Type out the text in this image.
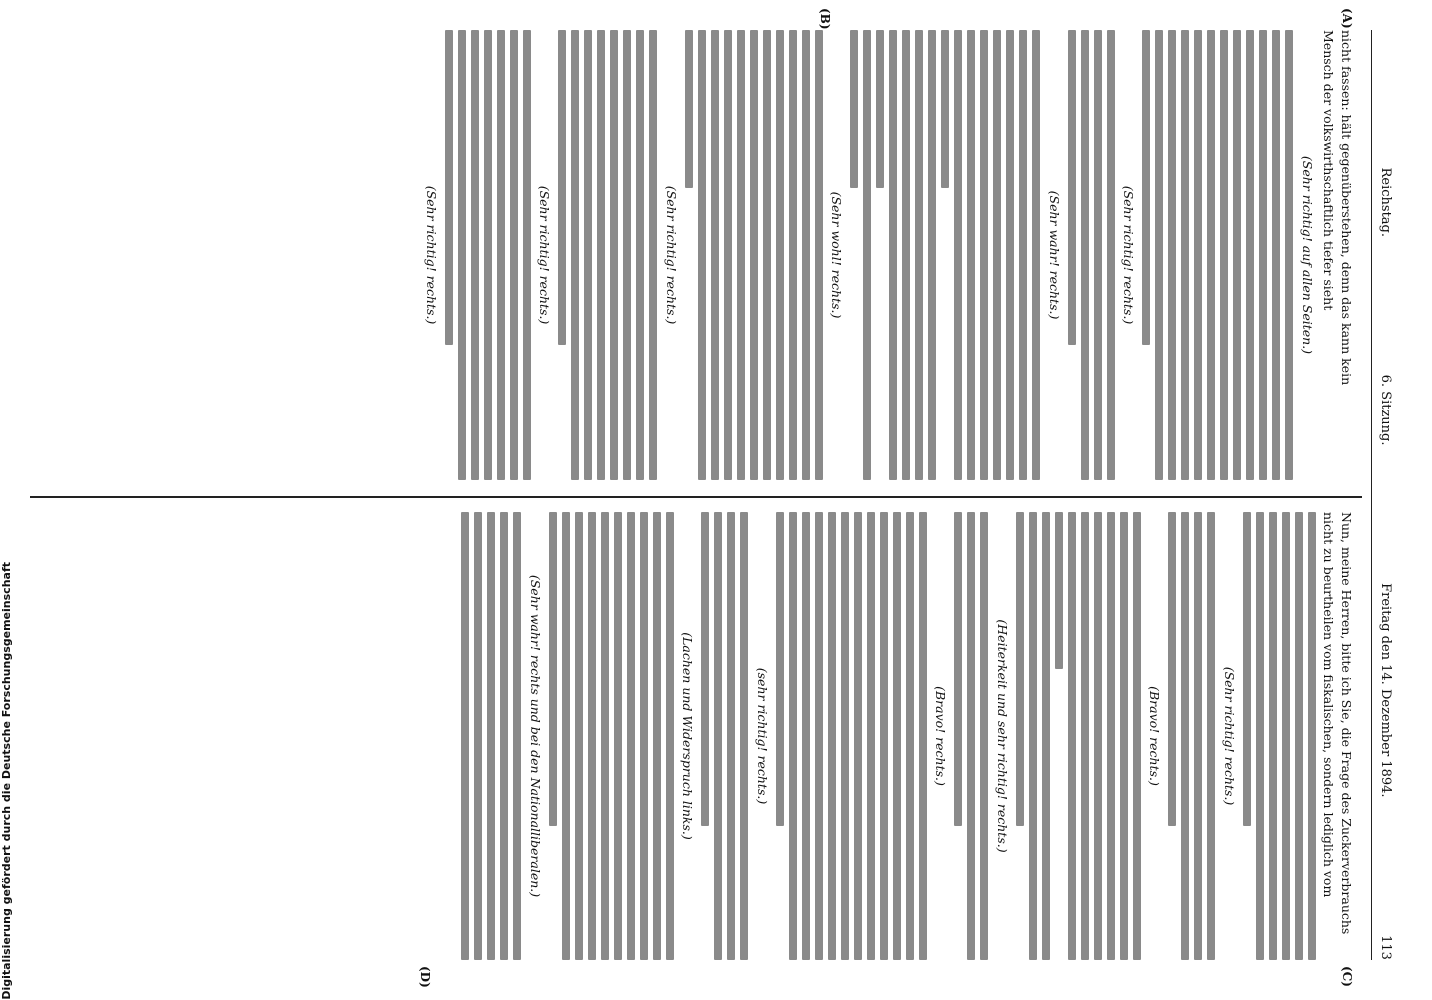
Reichstag.
6. Sitzung.
Freitag den 14. Dezember 1894.
113
(A)
(B)
(C)
(D)

nicht fassen: hält gegenüberstehen, denn das kann kein

Mensch der volkswirthschaftlich tiefer sieht

(Sehr richtig! auf allen Seiten.)

(Sehr richtig! rechts.)

(Sehr wahr! rechts.)

(Sehr wohl! rechts.)

(Sehr richtig! rechts.)

(Sehr richtig! rechts.)

(Sehr richtig! rechts.)

Nun, meine Herren, bitte ich Sie, die Frage des Zuckerverbrauchs

nicht zu beurtheilen vom fiskalischen, sondern lediglich vom

(Sehr richtig! rechts.)

(Bravo! rechts.)

(Heiterkeit und sehr richtig! rechts.)

(Bravo! rechts.)

(sehr richtig! rechts.)

(Lachen und Widerspruch links.)

(Sehr wahr! rechts und bei den Nationalliberalen.)

Digitalisierung gefördert durch die Deutsche Forschungsgemeinschaft
